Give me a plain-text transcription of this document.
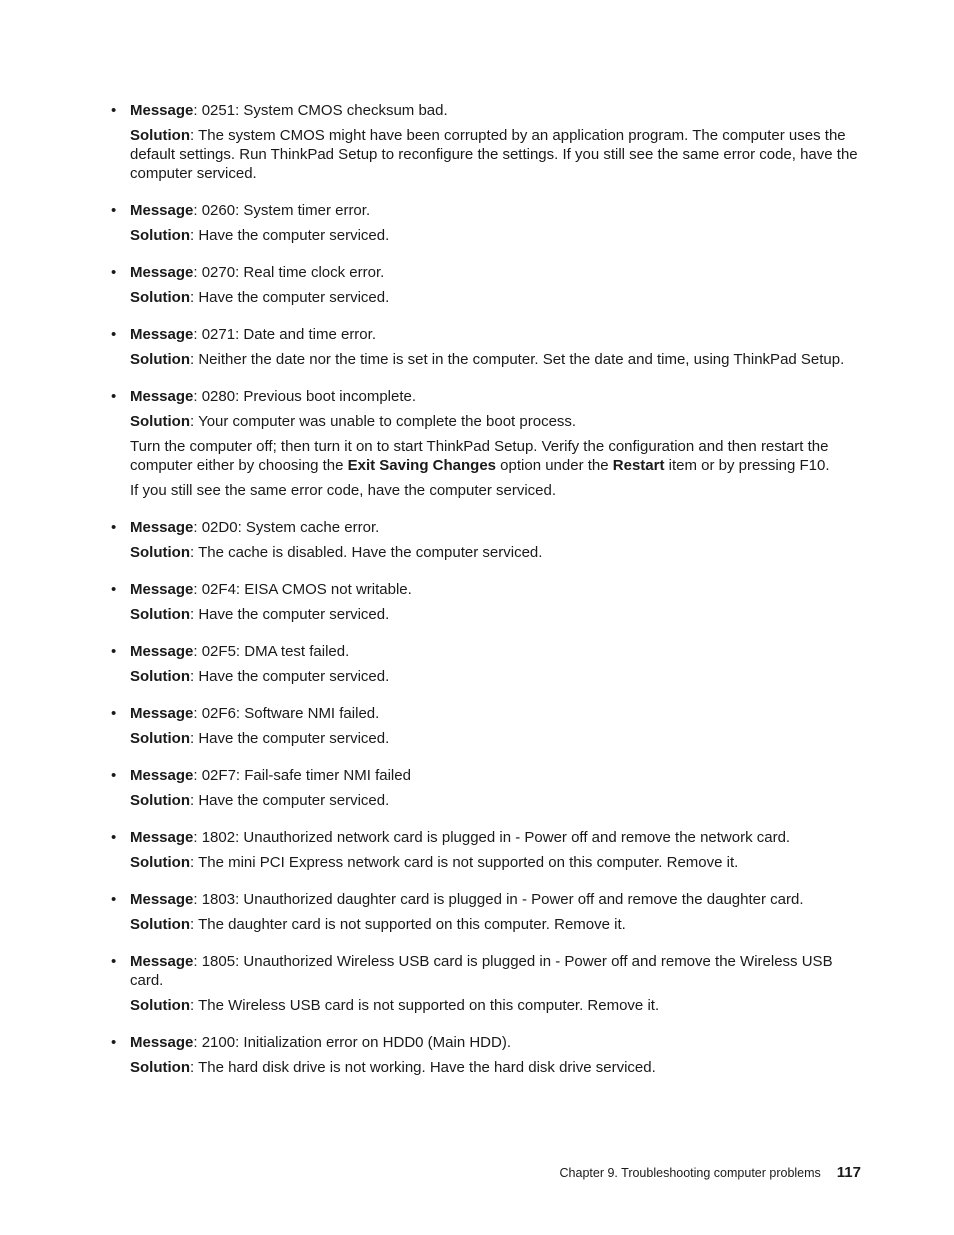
• Message: 0251: System CMOS checksum bad.

Solution: The system CMOS might have been corrupted by an application program. The computer uses the default settings. Run ThinkPad Setup to reconfigure the settings. If you still see the same error code, have the computer serviced.

• Message: 0260: System timer error.

Solution: Have the computer serviced.

• Message: 0270: Real time clock error.

Solution: Have the computer serviced.

• Message: 0271: Date and time error.

Solution: Neither the date nor the time is set in the computer. Set the date and time, using ThinkPad Setup.

• Message: 0280: Previous boot incomplete.

Solution: Your computer was unable to complete the boot process.

Turn the computer off; then turn it on to start ThinkPad Setup. Verify the configuration and then restart the computer either by choosing the Exit Saving Changes option under the Restart item or by pressing F10.

If you still see the same error code, have the computer serviced.

• Message: 02D0: System cache error.

Solution: The cache is disabled. Have the computer serviced.

• Message: 02F4: EISA CMOS not writable.

Solution: Have the computer serviced.

• Message: 02F5: DMA test failed.

Solution: Have the computer serviced.

• Message: 02F6: Software NMI failed.

Solution: Have the computer serviced.

• Message: 02F7: Fail-safe timer NMI failed

Solution: Have the computer serviced.

• Message: 1802: Unauthorized network card is plugged in - Power off and remove the network card.

Solution: The mini PCI Express network card is not supported on this computer. Remove it.

• Message: 1803: Unauthorized daughter card is plugged in - Power off and remove the daughter card.

Solution: The daughter card is not supported on this computer. Remove it.

• Message: 1805: Unauthorized Wireless USB card is plugged in - Power off and remove the Wireless USB card.

Solution: The Wireless USB card is not supported on this computer. Remove it.

• Message: 2100: Initialization error on HDD0 (Main HDD).

Solution: The hard disk drive is not working. Have the hard disk drive serviced.

Chapter 9. Troubleshooting computer problems 117
